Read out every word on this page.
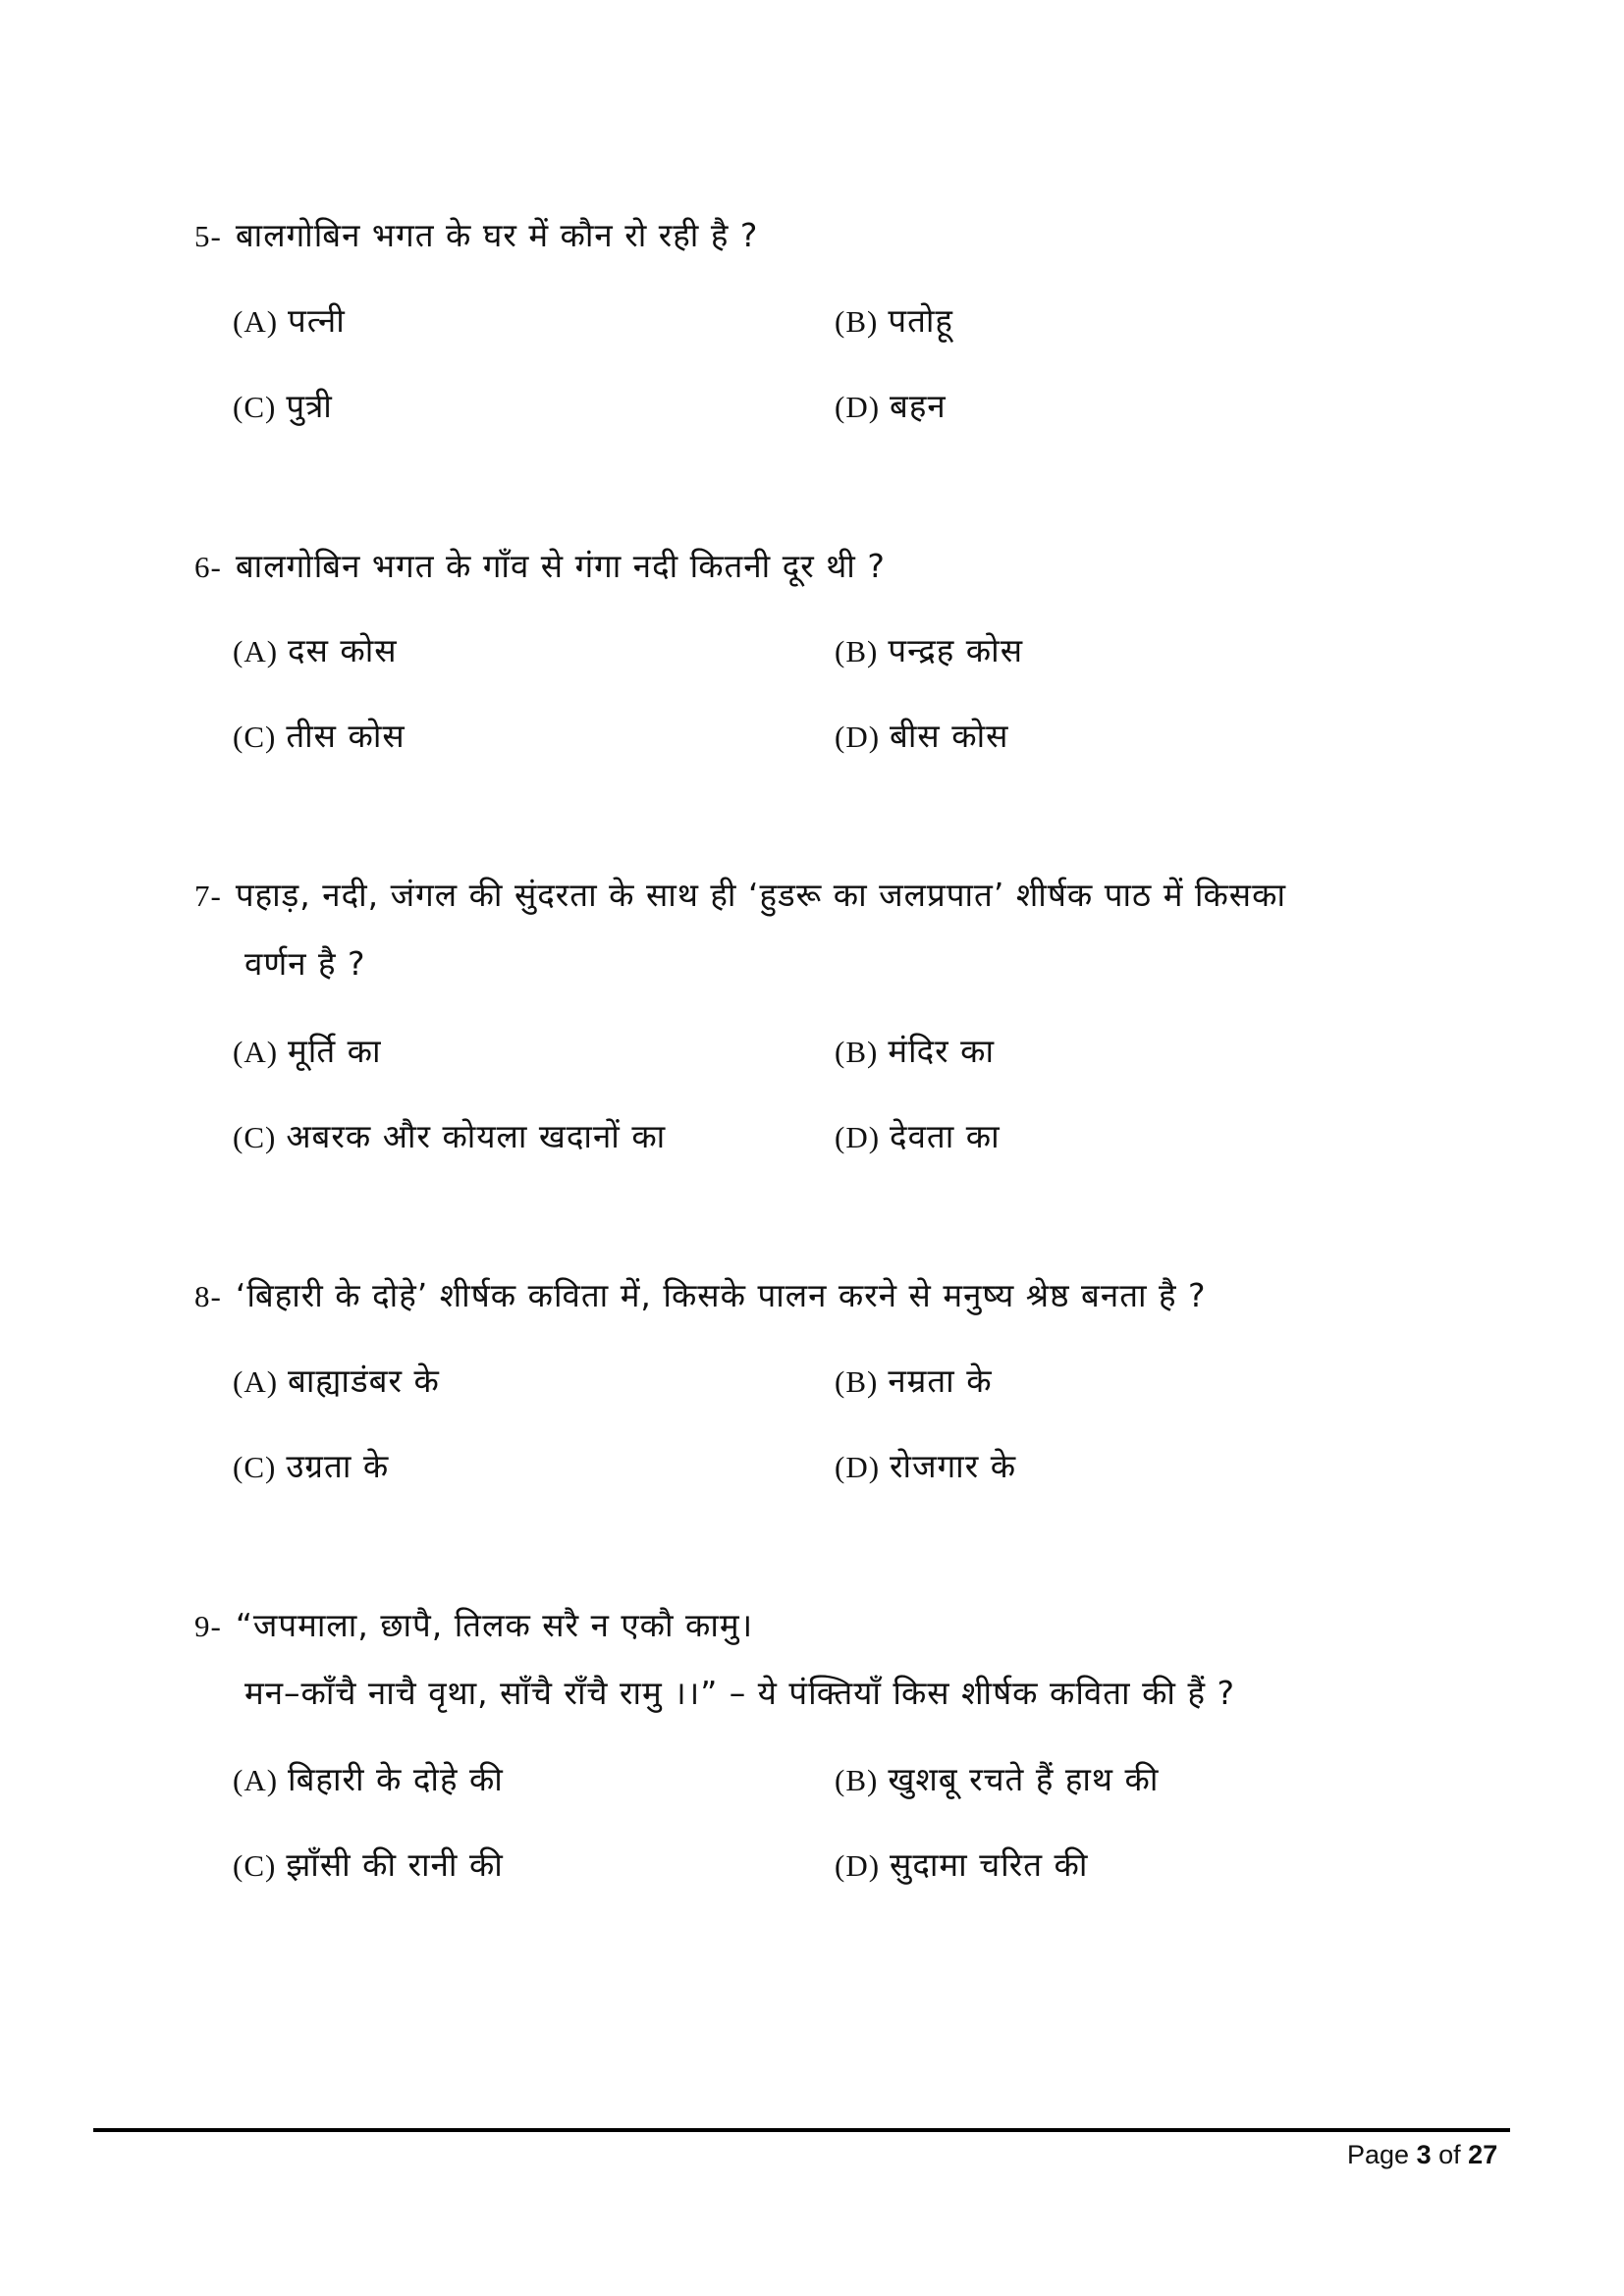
5- बालगोबिन भगत के घर में कौन रो रही है ?
(A) पत्नी	(B) पतोहू
(C) पुत्री	(D) बहन
6- बालगोबिन भगत के गाँव से गंगा नदी कितनी दूर थी ?
(A) दस कोस	(B) पन्द्रह कोस
(C) तीस कोस	(D) बीस कोस
7- पहाड़, नदी, जंगल की सुंदरता के साथ ही ‘हुडरू का जलप्रपात’ शीर्षक पाठ में किसका
वर्णन है ?
(A) मूर्ति का	(B) मंदिर का
(C) अबरक और कोयला खदानों का	(D) देवता का
8- ‘बिहारी के दोहे’ शीर्षक कविता में, किसके पालन करने से मनुष्य श्रेष्ठ बनता है ?
(A) बाह्याडंबर के	(B) नम्रता के
(C) उग्रता के	(D) रोजगार के
9- “जपमाला, छापै, तिलक सरै न एकौ कामु।
मन–काँचै नाचै वृथा, साँचै राँचै रामु ।।” – ये पंक्तियाँ किस शीर्षक कविता की हैं ?
(A) बिहारी के दोहे की	(B) खुशबू रचते हैं हाथ की
(C) झाँसी की रानी की	(D) सुदामा चरित की
Page 3 of 27
